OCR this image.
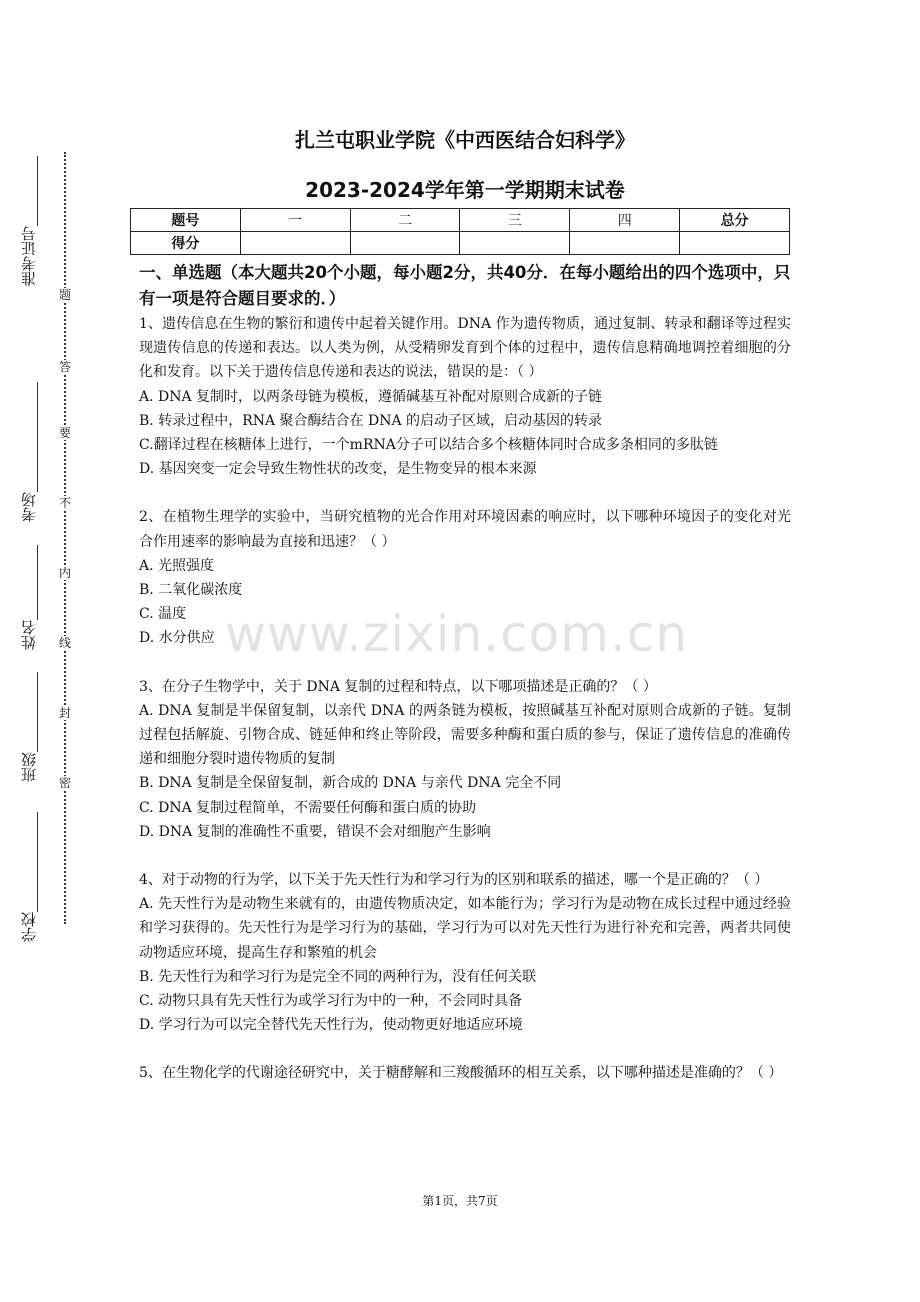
www.zixin.com.cn
准考证号
考场
姓名
班级
学校
题
答
要
不
内
线
封
密
扎兰屯职业学院《中西医结合妇科学》
2023-2024学年第一学期期末试卷
题号	一	二	三	四	总分
得分					

一、单选题（本大题共20个小题，每小题2分，共40分．在每小题给出的四个选项中，只有一项是符合题目要求的．）

1、遗传信息在生物的繁衍和遗传中起着关键作用。DNA 作为遗传物质，通过复制、转录和翻译等过程实现遗传信息的传递和表达。以人类为例，从受精卵发育到个体的过程中，遗传信息精确地调控着细胞的分化和发育。以下关于遗传信息传递和表达的说法，错误的是：（ ）

A. DNA 复制时，以两条母链为模板，遵循碱基互补配对原则合成新的子链

B. 转录过程中，RNA 聚合酶结合在 DNA 的启动子区域，启动基因的转录

C.翻译过程在核糖体上进行，一个mRNA分子可以结合多个核糖体同时合成多条相同的多肽链

D. 基因突变一定会导致生物性状的改变，是生物变异的根本来源

2、在植物生理学的实验中，当研究植物的光合作用对环境因素的响应时，以下哪种环境因子的变化对光合作用速率的影响最为直接和迅速？（ ）

A. 光照强度

B. 二氧化碳浓度

C. 温度

D. 水分供应

3、在分子生物学中，关于 DNA 复制的过程和特点，以下哪项描述是正确的？（ ）

A. DNA 复制是半保留复制，以亲代 DNA 的两条链为模板，按照碱基互补配对原则合成新的子链。复制过程包括解旋、引物合成、链延伸和终止等阶段，需要多种酶和蛋白质的参与，保证了遗传信息的准确传递和细胞分裂时遗传物质的复制

B. DNA 复制是全保留复制，新合成的 DNA 与亲代 DNA 完全不同

C. DNA 复制过程简单，不需要任何酶和蛋白质的协助

D. DNA 复制的准确性不重要，错误不会对细胞产生影响

4、对于动物的行为学，以下关于先天性行为和学习行为的区别和联系的描述，哪一个是正确的？（ ）

A. 先天性行为是动物生来就有的，由遗传物质决定，如本能行为；学习行为是动物在成长过程中通过经验和学习获得的。先天性行为是学习行为的基础，学习行为可以对先天性行为进行补充和完善，两者共同使动物适应环境，提高生存和繁殖的机会

B. 先天性行为和学习行为是完全不同的两种行为，没有任何关联

C. 动物只具有先天性行为或学习行为中的一种，不会同时具备

D. 学习行为可以完全替代先天性行为，使动物更好地适应环境

5、在生物化学的代谢途径研究中，关于糖酵解和三羧酸循环的相互关系，以下哪种描述是准确的？（ ）

第1页，共7页
